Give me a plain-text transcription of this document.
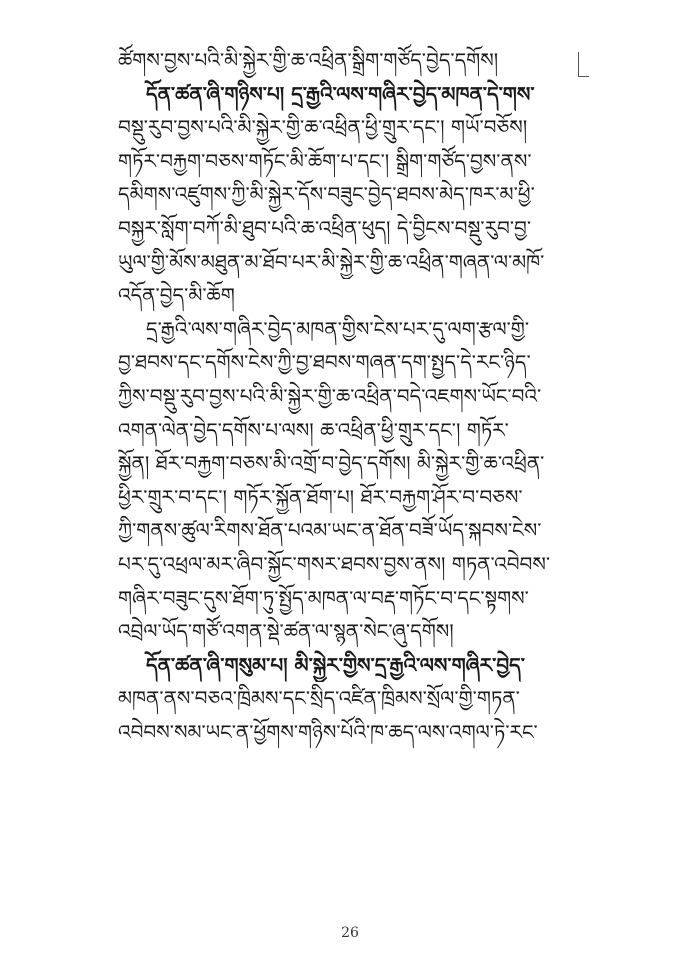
ཚོགས་བྱས་པའི་མི་སྐྱེར་གྱི་ཆ་འཕྲིན་སྒྲིག་གཙོད་བྱེད་དགོས།
དོན་ཚན་ཞི་གཉིས་པ། དྲ་རྒྱའི་ལས་གཞིར་བྱེད་མཁན་དེ་གས་
བསྡུ་རུབ་བྱས་པའི་མི་སྐྱེར་གྱི་ཆ་འཕྲིན་ཕྱི་གྲུར་དང་། གཡོ་བཅོས།
གཏོར་བརྐྱག་བཅས་གཏོང་མི་ཆོག་པ་དང་། སྒྲིག་གཙོད་བྱས་ནས་
དམིགས་འཛུགས་ཀྱི་མི་སྐྱེར་དོས་བཟུང་བྱེད་ཐབས་མེད་ཁར་མ་ཕྱི་
བསྐྱར་སློག་བཀོ་མི་ཐུབ་པའི་ཆ་འཕྲིན་ཕུད། དེ་བྱིངས་བསྡུ་རུབ་བྱ་
ཡུལ་གྱི་མོས་མཐུན་མ་ཐོབ་པར་མི་སྐྱེར་གྱི་ཆ་འཕྲིན་གཞན་ལ་མཁོ་
འདོན་བྱེད་མི་ཆོག
དྲ་རྒྱའི་ལས་གཞིར་བྱེད་མཁན་གྱིས་ངེས་པར་དུ་ལག་རྩལ་གྱི་
བྱ་ཐབས་དང་དགོས་ངེས་ཀྱི་བྱ་ཐབས་གཞན་དག་སྤྱད་དེ་རང་ཉིད་
ཀྱིས་བསྡུ་རུབ་བྱས་པའི་མི་སྐྱེར་གྱི་ཆ་འཕྲིན་བདེ་འཇགས་ཡོང་བའི་
འགན་ལེན་བྱེད་དགོས་པ་ལས། ཆ་འཕྲིན་ཕྱི་གྲུར་དང་། གཏོར་
སྐྱོན། ཐོར་བརྐྱག་བཅས་མི་འགྲོ་བ་བྱེད་དགོས། མི་སྐྱེར་གྱི་ཆ་འཕྲིན་
ཕྱིར་གྲུར་བ་དང་། གཏོར་སྐྱོན་ཐོག་པ། ཐོར་བརྐྱག་ཤོར་བ་བཅས་
ཀྱི་གནས་ཚུལ་རིགས་ཐོན་པའམ་ཡང་ན་ཐོན་བཟོ་ཡོད་སྐབས་ངེས་
པར་དུ་འཕྲལ་མར་ཞིབ་སྐྱོང་གསར་ཐབས་བྱས་ནས། གཏན་འབེབས་
གཞིར་བཟུང་དུས་ཐོག་ཏུ་སྤྱོད་མཁན་ལ་བརྡ་གཏོང་བ་དང་སྟགས་
འབྲེལ་ཡོད་གཙོ་འགན་སྡེ་ཚན་ལ་སྙན་སེང་ཞུ་དགོས།
དོན་ཚན་ཞི་གསུམ་པ། མི་སྐྱེར་གྱིས་དྲ་རྒྱའི་ལས་གཞིར་བྱེད་
མཁན་ནས་བཅའ་ཁྲིམས་དང་སྲིད་འཛིན་ཁྲིམས་སྲོལ་གྱི་གཏན་
འབེབས་སམ་ཡང་ན་ཕྱོགས་གཉིས་པོའི་ཁ་ཆད་ལས་འགལ་ཏེ་རང་
26
